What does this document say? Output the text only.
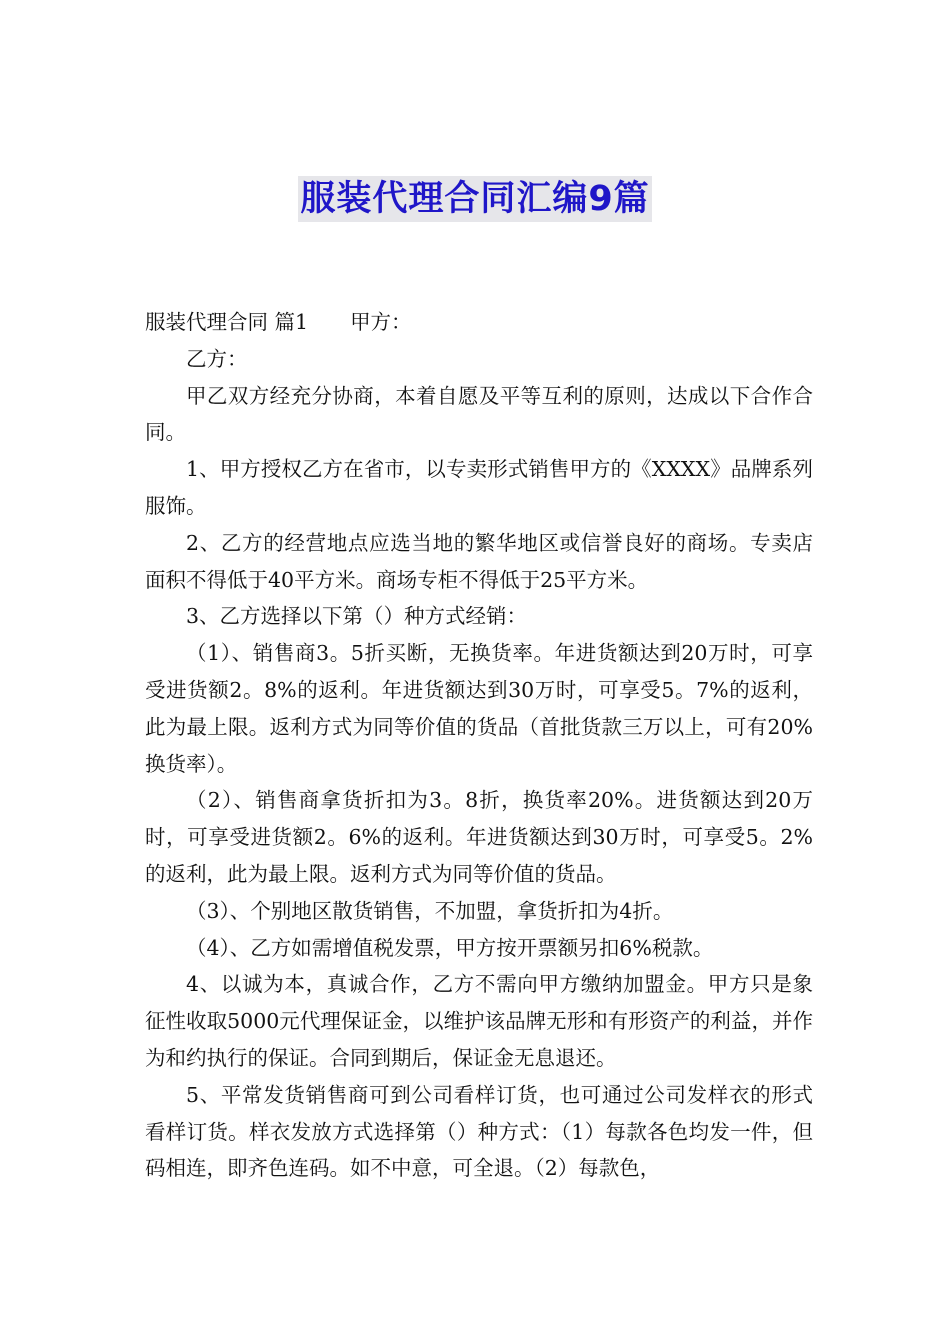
服装代理合同汇编9篇

服装代理合同 篇1 甲方：

乙方：

甲乙双方经充分协商，本着自愿及平等互利的原则，达成以下合作合同。

1、甲方授权乙方在省市，以专卖形式销售甲方的《XXXX》品牌系列服饰。

2、乙方的经营地点应选当地的繁华地区或信誉良好的商场。专卖店面积不得低于40平方米。商场专柜不得低于25平方米。

3、乙方选择以下第（）种方式经销：

（1）、销售商3。5折买断，无换货率。年进货额达到20万时，可享受进货额2。8%的返利。年进货额达到30万时，可享受5。7%的返利，此为最上限。返利方式为同等价值的货品（首批货款三万以上，可有20%换货率）。

（2）、销售商拿货折扣为3。8折，换货率20%。进货额达到20万时，可享受进货额2。6%的返利。年进货额达到30万时，可享受5。2%的返利，此为最上限。返利方式为同等价值的货品。

（3）、个别地区散货销售，不加盟，拿货折扣为4折。

（4）、乙方如需增值税发票，甲方按开票额另扣6%税款。

4、以诚为本，真诚合作，乙方不需向甲方缴纳加盟金。甲方只是象征性收取5000元代理保证金，以维护该品牌无形和有形资产的利益，并作为和约执行的保证。合同到期后，保证金无息退还。

5、平常发货销售商可到公司看样订货，也可通过公司发样衣的形式看样订货。样衣发放方式选择第（）种方式：（1）每款各色均发一件，但码相连，即齐色连码。如不中意，可全退。（2）每款色，
